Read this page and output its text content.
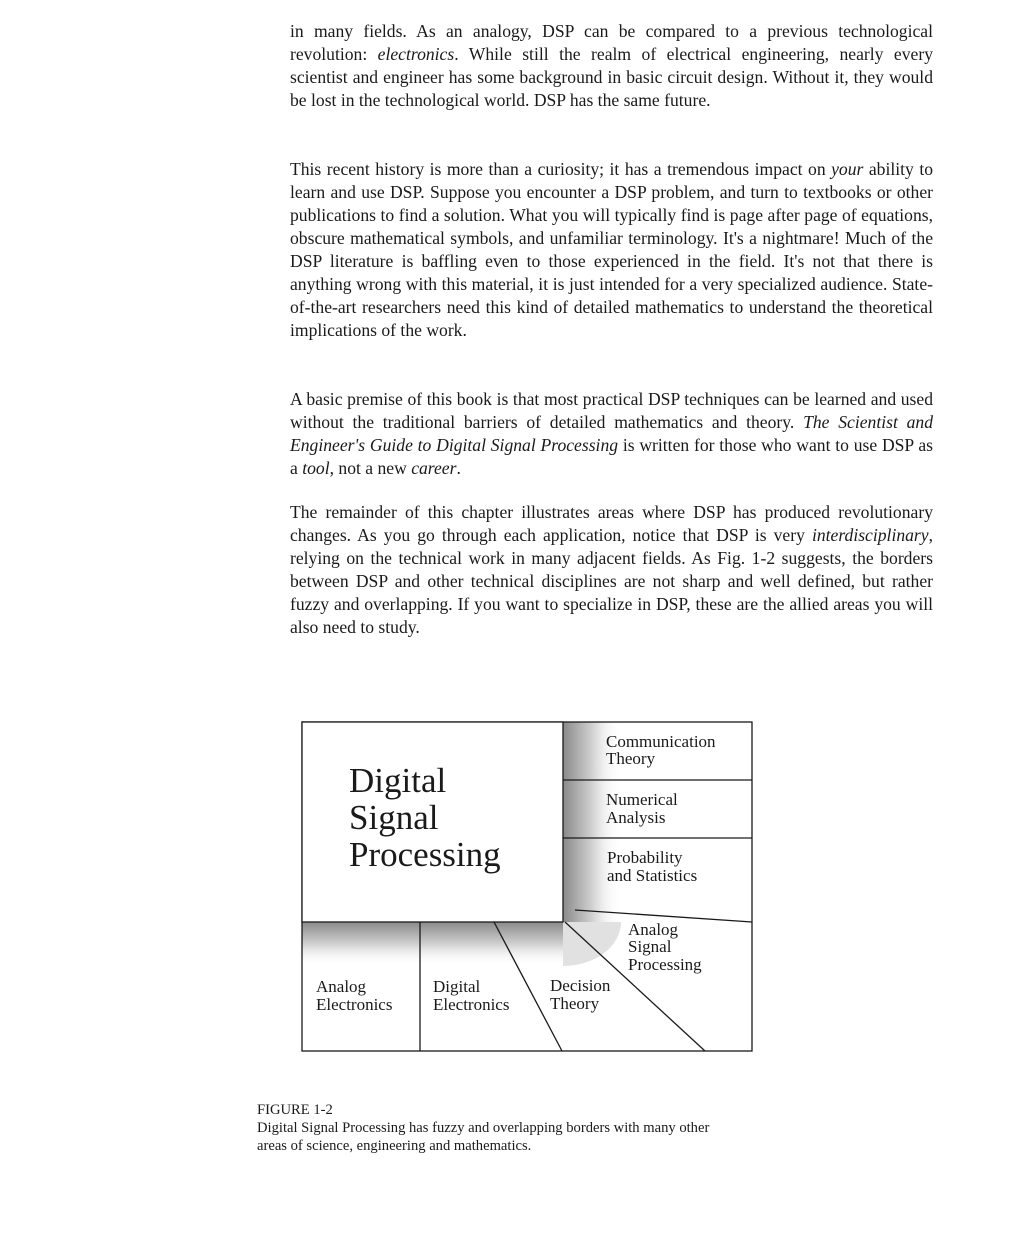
in many fields. As an analogy, DSP can be compared to a previous technological revolution: electronics. While still the realm of electrical engineering, nearly every scientist and engineer has some background in basic circuit design. Without it, they would be lost in the technological world. DSP has the same future.

This recent history is more than a curiosity; it has a tremendous impact on your ability to learn and use DSP. Suppose you encounter a DSP problem, and turn to textbooks or other publications to find a solution. What you will typically find is page after page of equations, obscure mathematical symbols, and unfamiliar terminology. It's a nightmare! Much of the DSP literature is baffling even to those experienced in the field. It's not that there is anything wrong with this material, it is just intended for a very specialized audience. State-of-the-art researchers need this kind of detailed mathematics to understand the theoretical implications of the work.

A basic premise of this book is that most practical DSP techniques can be learned and used without the traditional barriers of detailed mathematics and theory. The Scientist and Engineer's Guide to Digital Signal Processing is written for those who want to use DSP as a tool, not a new career.

The remainder of this chapter illustrates areas where DSP has produced revolutionary changes. As you go through each application, notice that DSP is very interdisciplinary, relying on the technical work in many adjacent fields. As Fig. 1-2 suggests, the borders between DSP and other technical disciplines are not sharp and well defined, but rather fuzzy and overlapping. If you want to specialize in DSP, these are the allied areas you will also need to study.

Digital Signal Processing
Communication Theory
Numerical Analysis
Probability and Statistics
Analog Electronics
Digital Electronics
Decision Theory
Analog Signal Processing
FIGURE 1-2
Digital Signal Processing has fuzzy and overlapping borders with many other
areas of science, engineering and mathematics.
